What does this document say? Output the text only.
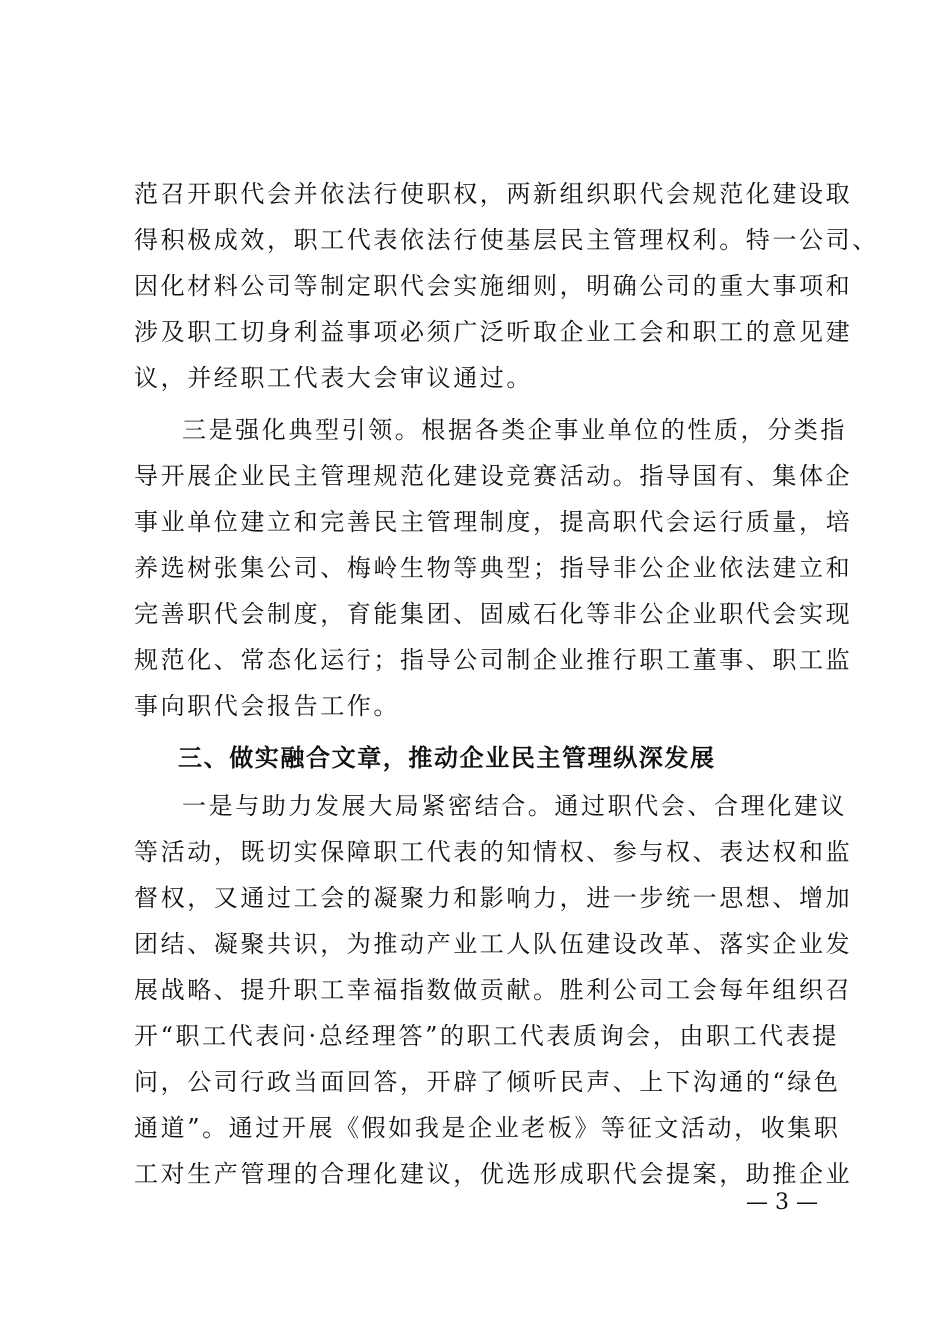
范召开职代会并依法行使职权，两新组织职代会规范化建设取
得积极成效，职工代表依法行使基层民主管理权利。特一公司、
因化材料公司等制定职代会实施细则，明确公司的重大事项和
涉及职工切身利益事项必须广泛听取企业工会和职工的意见建
议，并经职工代表大会审议通过。
三是强化典型引领。根据各类企事业单位的性质，分类指
导开展企业民主管理规范化建设竞赛活动。指导国有、集体企
事业单位建立和完善民主管理制度，提高职代会运行质量，培
养选树张集公司、梅岭生物等典型；指导非公企业依法建立和
完善职代会制度，育能集团、固威石化等非公企业职代会实现
规范化、常态化运行；指导公司制企业推行职工董事、职工监
事向职代会报告工作。
三、做实融合文章，推动企业民主管理纵深发展
一是与助力发展大局紧密结合。通过职代会、合理化建议
等活动，既切实保障职工代表的知情权、参与权、表达权和监
督权，又通过工会的凝聚力和影响力，进一步统一思想、增加
团结、凝聚共识，为推动产业工人队伍建设改革、落实企业发
展战略、提升职工幸福指数做贡献。胜利公司工会每年组织召
开“职工代表问·总经理答”的职工代表质询会，由职工代表提
问，公司行政当面回答，开辟了倾听民声、上下沟通的“绿色
通道”。通过开展《假如我是企业老板》等征文活动，收集职
工对生产管理的合理化建议，优选形成职代会提案，助推企业
— 3 —
